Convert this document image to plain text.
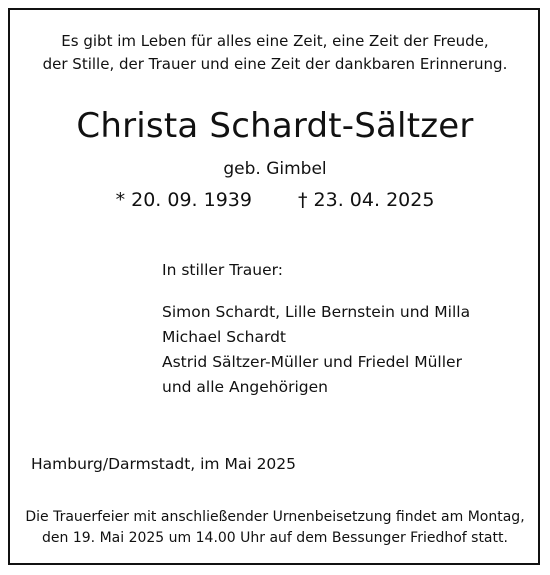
Es gibt im Leben für alles eine Zeit, eine Zeit der Freude,
der Stille, der Trauer und eine Zeit der dankbaren Erinnerung.
Christa Schardt-Sältzer
geb. Gimbel
* 20. 09. 1939 † 23. 04. 2025
In stiller Trauer:
Simon Schardt, Lille Bernstein und Milla
Michael Schardt
Astrid Sältzer-Müller und Friedel Müller
und alle Angehörigen
Hamburg/Darmstadt, im Mai 2025
Die Trauerfeier mit anschließender Urnenbeisetzung findet am Montag,
den 19. Mai 2025 um 14.00 Uhr auf dem Bessunger Friedhof statt.
